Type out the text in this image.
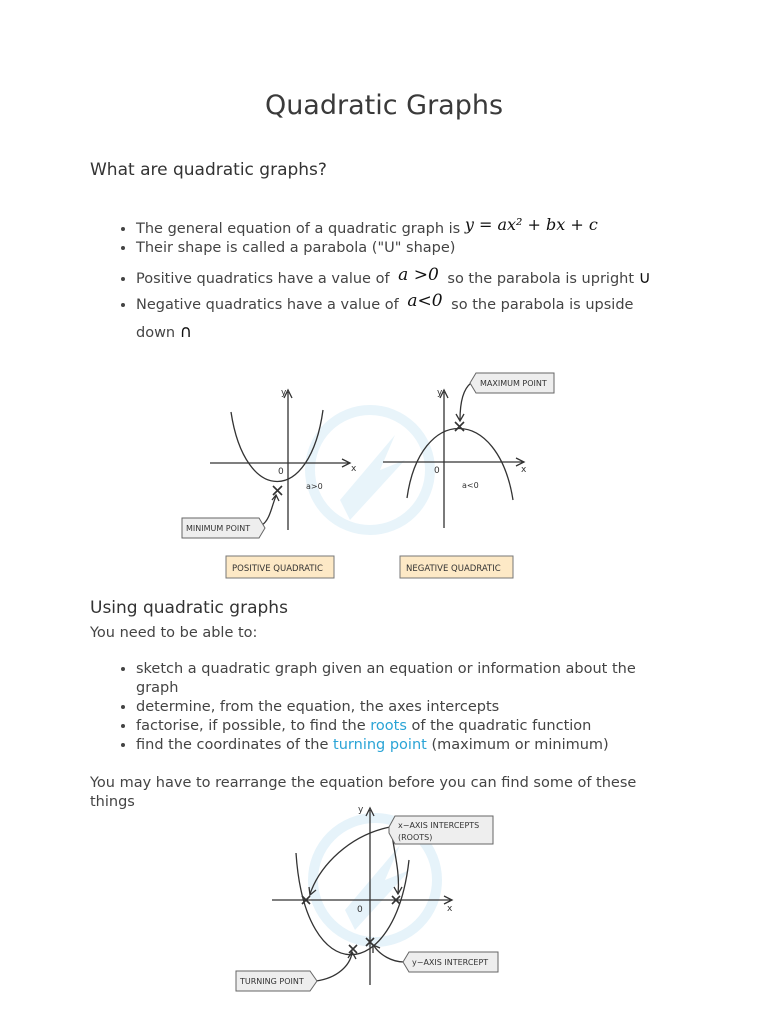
Quadratic Graphs
What are quadratic graphs?
• The general equation of a quadratic graph is y = ax² + bx + c
• Their shape is called a parabola ("U" shape)
• Positive quadratics have a value of a >0 so the parabola is upright ∪
• Negative quadratics have a value of a<0 so the parabola is upside
down ∩
y
x
0
a>0
MINIMUM POINT
POSITIVE QUADRATIC
y
x
0
a<0
MAXIMUM POINT
NEGATIVE QUADRATIC
y
x
0
x−AXIS INTERCEPTS
(ROOTS)
y−AXIS INTERCEPT
TURNING POINT
Using quadratic graphs

You need to be able to:

• sketch a quadratic graph given an equation or information about the
graph
• determine, from the equation, the axes intercepts
• factorise, if possible, to find the roots of the quadratic function
• find the coordinates of the turning point (maximum or minimum)

You may have to rearrange the equation before you can find some of these
things
